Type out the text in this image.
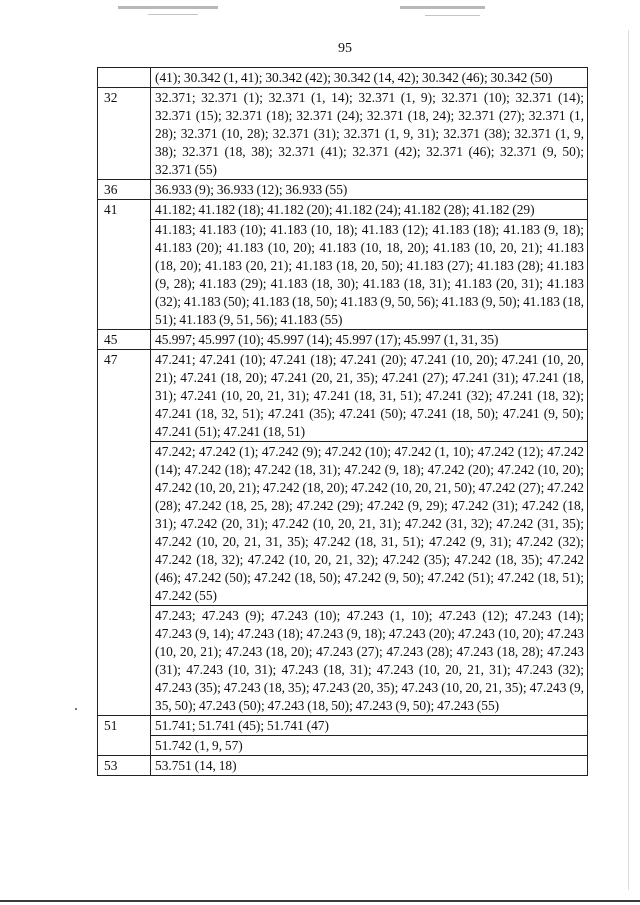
95
	(41); 30.342 (1, 41); 30.342 (42); 30.342 (14, 42); 30.342 (46); 30.342 (50)
32	32.371; 32.371 (1); 32.371 (1, 14); 32.371 (1, 9); 32.371 (10); 32.371 (14); 32.371 (15); 32.371 (18); 32.371 (24); 32.371 (18, 24); 32.371 (27); 32.371 (1, 28); 32.371 (10, 28); 32.371 (31); 32.371 (1, 9, 31); 32.371 (38); 32.371 (1, 9, 38); 32.371 (18, 38); 32.371 (41); 32.371 (42); 32.371 (46); 32.371 (9, 50); 32.371 (55)
36	36.933 (9); 36.933 (12); 36.933 (55)
41	41.182; 41.182 (18); 41.182 (20); 41.182 (24); 41.182 (28); 41.182 (29)
	41.183; 41.183 (10); 41.183 (10, 18); 41.183 (12); 41.183 (18); 41.183 (9, 18); 41.183 (20); 41.183 (10, 20); 41.183 (10, 18, 20); 41.183 (10, 20, 21); 41.183 (18, 20); 41.183 (20, 21); 41.183 (18, 20, 50); 41.183 (27); 41.183 (28); 41.183 (9, 28); 41.183 (29); 41.183 (18, 30); 41.183 (18, 31); 41.183 (20, 31); 41.183 (32); 41.183 (50); 41.183 (18, 50); 41.183 (9, 50, 56); 41.183 (9, 50); 41.183 (18, 51); 41.183 (9, 51, 56); 41.183 (55)
45	45.997; 45.997 (10); 45.997 (14); 45.997 (17); 45.997 (1, 31, 35)
47	47.241; 47.241 (10); 47.241 (18); 47.241 (20); 47.241 (10, 20); 47.241 (10, 20, 21); 47.241 (18, 20); 47.241 (20, 21, 35); 47.241 (27); 47.241 (31); 47.241 (18, 31); 47.241 (10, 20, 21, 31); 47.241 (18, 31, 51); 47.241 (32); 47.241 (18, 32); 47.241 (18, 32, 51); 47.241 (35); 47.241 (50); 47.241 (18, 50); 47.241 (9, 50); 47.241 (51); 47.241 (18, 51)
	47.242; 47.242 (1); 47.242 (9); 47.242 (10); 47.242 (1, 10); 47.242 (12); 47.242 (14); 47.242 (18); 47.242 (18, 31); 47.242 (9, 18); 47.242 (20); 47.242 (10, 20); 47.242 (10, 20, 21); 47.242 (18, 20); 47.242 (10, 20, 21, 50); 47.242 (27); 47.242 (28); 47.242 (18, 25, 28); 47.242 (29); 47.242 (9, 29); 47.242 (31); 47.242 (18, 31); 47.242 (20, 31); 47.242 (10, 20, 21, 31); 47.242 (31, 32); 47.242 (31, 35); 47.242 (10, 20, 21, 31, 35); 47.242 (18, 31, 51); 47.242 (9, 31); 47.242 (32); 47.242 (18, 32); 47.242 (10, 20, 21, 32); 47.242 (35); 47.242 (18, 35); 47.242 (46); 47.242 (50); 47.242 (18, 50); 47.242 (9, 50); 47.242 (51); 47.242 (18, 51); 47.242 (55)
	47.243; 47.243 (9); 47.243 (10); 47.243 (1, 10); 47.243 (12); 47.243 (14); 47.243 (9, 14); 47.243 (18); 47.243 (9, 18); 47.243 (20); 47.243 (10, 20); 47.243 (10, 20, 21); 47.243 (18, 20); 47.243 (27); 47.243 (28); 47.243 (18, 28); 47.243 (31); 47.243 (10, 31); 47.243 (18, 31); 47.243 (10, 20, 21, 31); 47.243 (32); 47.243 (35); 47.243 (18, 35); 47.243 (20, 35); 47.243 (10, 20, 21, 35); 47.243 (9, 35, 50); 47.243 (50); 47.243 (18, 50); 47.243 (9, 50); 47.243 (55)
51	51.741; 51.741 (45); 51.741 (47)
	51.742 (1, 9, 57)
53	53.751 (14, 18)
